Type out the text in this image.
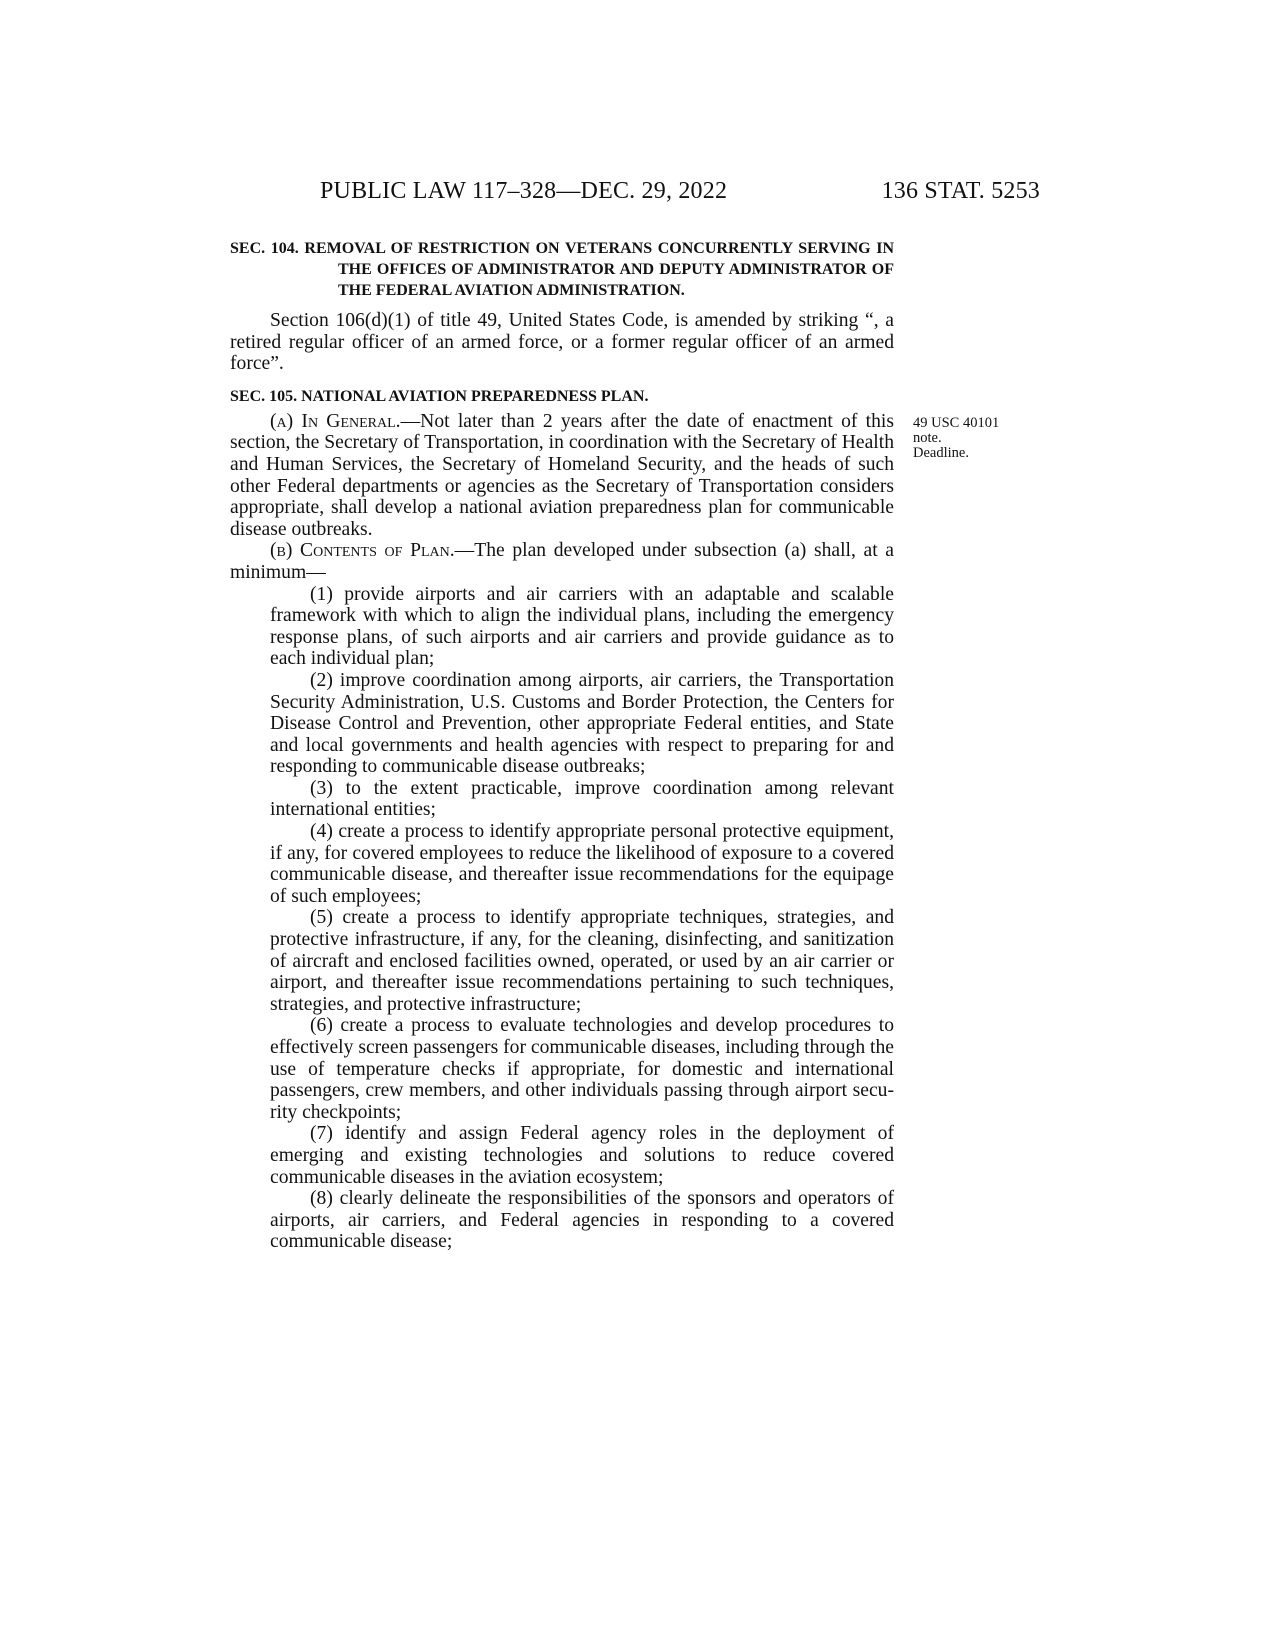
PUBLIC LAW 117–328—DEC. 29, 2022	136 STAT. 5253
SEC. 104. REMOVAL OF RESTRICTION ON VETERANS CONCURRENTLY SERVING IN THE OFFICES OF ADMINISTRATOR AND DEPUTY ADMINISTRATOR OF THE FEDERAL AVIATION ADMINISTRATION.

Section 106(d)(1) of title 49, United States Code, is amended by striking “, a retired regular officer of an armed force, or a former regular officer of an armed force”.

SEC. 105. NATIONAL AVIATION PREPAREDNESS PLAN.

(a) In General.—Not later than 2 years after the date of enactment of this section, the Secretary of Transportation, in coordination with the Secretary of Health and Human Services, the Secretary of Homeland Security, and the heads of such other Federal departments or agencies as the Secretary of Transportation considers appropriate, shall develop a national aviation preparedness plan for communicable disease outbreaks.

(b) Contents of Plan.—The plan developed under subsection (a) shall, at a minimum—

(1) provide airports and air carriers with an adaptable and scalable framework with which to align the individual plans, including the emergency response plans, of such airports and air carriers and provide guidance as to each individual plan;

(2) improve coordination among airports, air carriers, the Transportation Security Administration, U.S. Customs and Border Protection, the Centers for Disease Control and Prevention, other appropriate Federal entities, and State and local governments and health agencies with respect to preparing for and responding to communicable disease outbreaks;

(3) to the extent practicable, improve coordination among relevant international entities;

(4) create a process to identify appropriate personal protective equipment, if any, for covered employees to reduce the likelihood of exposure to a covered communicable disease, and thereafter issue recommendations for the equipage of such employees;

(5) create a process to identify appropriate techniques, strategies, and protective infrastructure, if any, for the cleaning, disinfecting, and sanitization of aircraft and enclosed facilities owned, operated, or used by an air carrier or airport, and thereafter issue recommendations pertaining to such techniques, strategies, and protective infrastructure;

(6) create a process to evaluate technologies and develop procedures to effectively screen passengers for communicable diseases, including through the use of temperature checks if appropriate, for domestic and international passengers, crew members, and other individuals passing through airport security checkpoints;

(7) identify and assign Federal agency roles in the deployment of emerging and existing technologies and solutions to reduce covered communicable diseases in the aviation ecosystem;

(8) clearly delineate the responsibilities of the sponsors and operators of airports, air carriers, and Federal agencies in responding to a covered communicable disease;

49 USC 40101
note.
Deadline.
